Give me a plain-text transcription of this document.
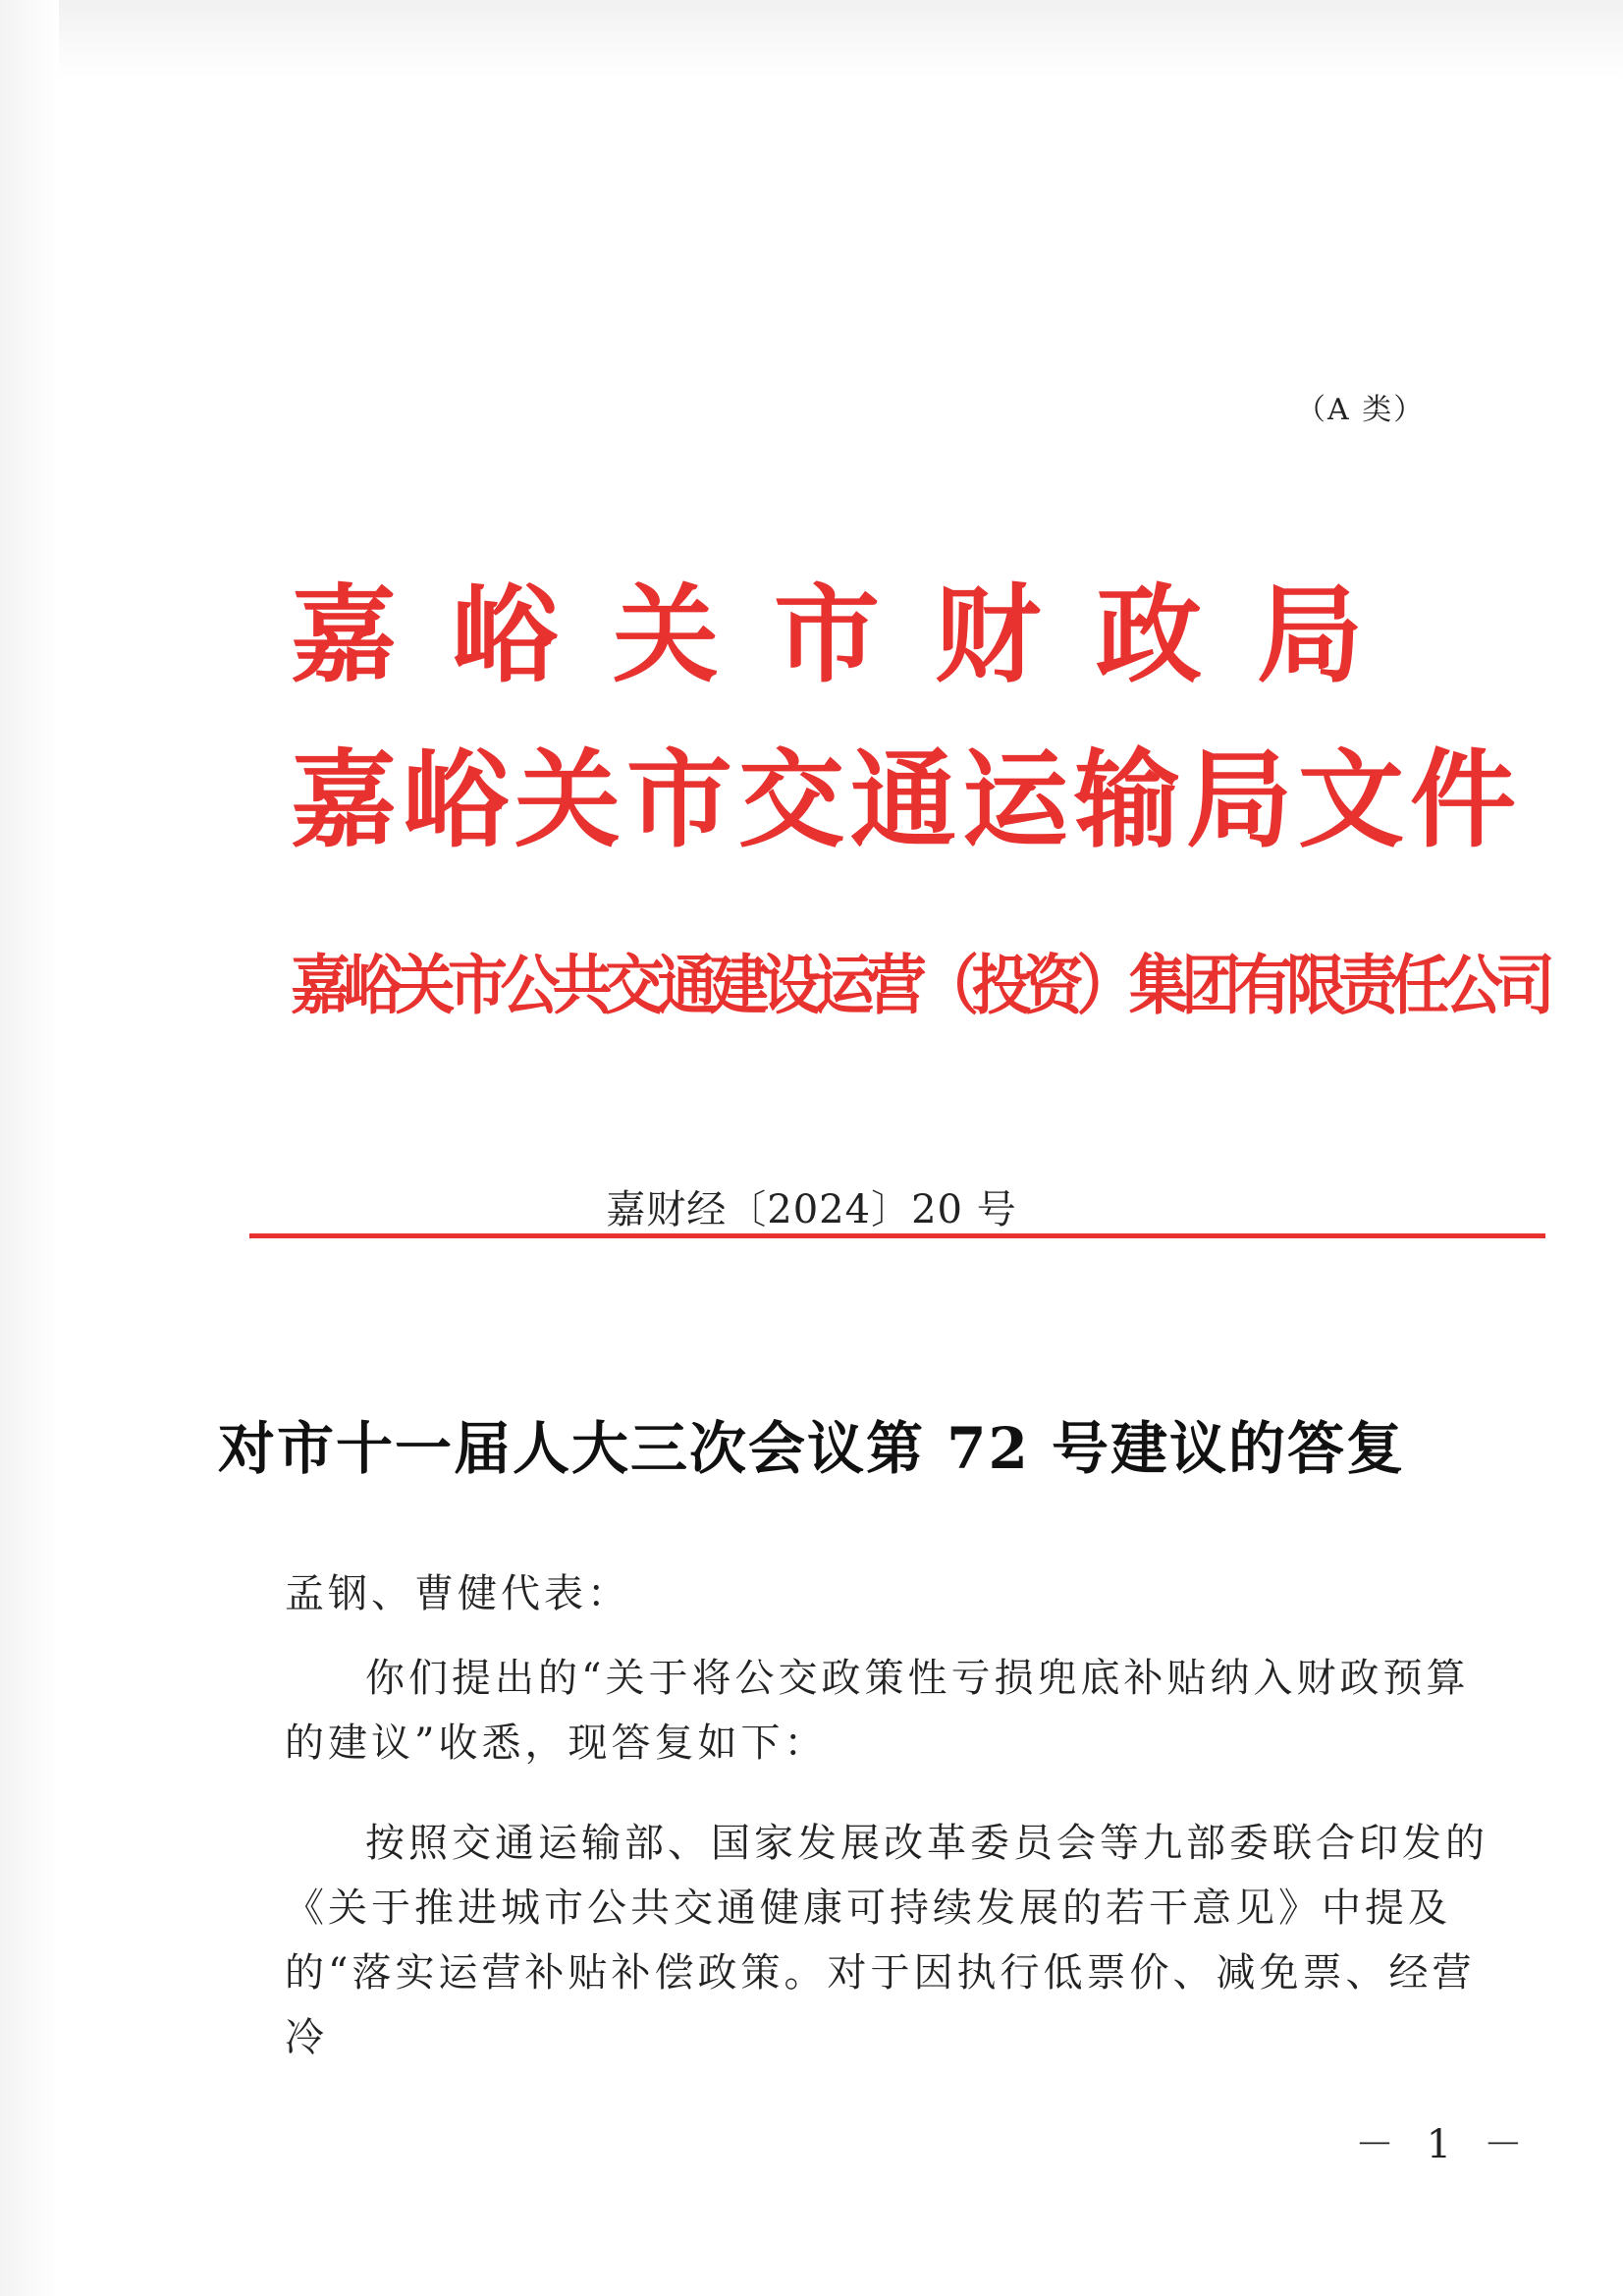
（A 类）
嘉峪关市财政局
嘉峪关市交通运输局文件
嘉峪关市公共交通建设运营（投资）集团有限责任公司
嘉财经〔2024〕20 号
对市十一届人大三次会议第 72 号建议的答复
孟钢、曹健代表：
你们提出的“关于将公交政策性亏损兜底补贴纳入财政预算的建议”收悉，现答复如下：
按照交通运输部、国家发展改革委员会等九部委联合印发的《关于推进城市公共交通健康可持续发展的若干意见》中提及的“落实运营补贴补偿政策。对于因执行低票价、减免票、经营冷
－ 1 －
